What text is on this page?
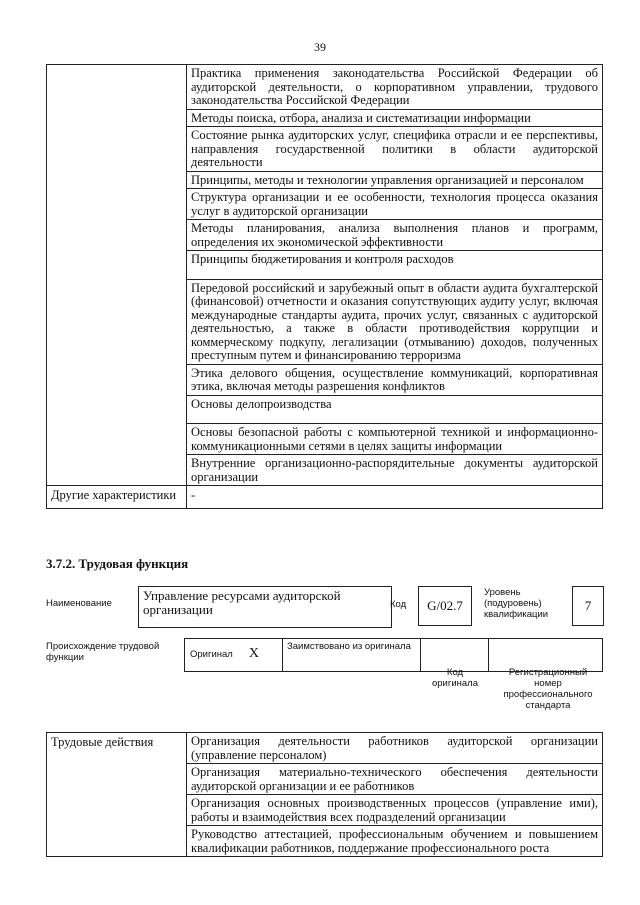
39
	Практика применения законодательства Российской Федерации об аудиторской деятельности, о корпоративном управлении, трудового законодательства Российской Федерации
	Методы поиска, отбора, анализа и систематизации информации
	Состояние рынка аудиторских услуг, специфика отрасли и ее перспективы, направления государственной политики в области аудиторской деятельности
	Принципы, методы и технологии управления организацией и персоналом
	Структура организации и ее особенности, технология процесса оказания услуг в аудиторской организации
	Методы планирования, анализа выполнения планов и программ, определения их экономической эффективности
	Принципы бюджетирования и контроля расходов
	Передовой российский и зарубежный опыт в области аудита бухгалтерской (финансовой) отчетности и оказания сопутствующих аудиту услуг, включая международные стандарты аудита, прочих услуг, связанных с аудиторской деятельностью, а также в области противодействия коррупции и коммерческому подкупу, легализации (отмыванию) доходов, полученных преступным путем и финансированию терроризма
	Этика делового общения, осуществление коммуникаций, корпоративная этика, включая методы разрешения конфликтов
	Основы делопроизводства
	Основы безопасной работы с компьютерной техникой и информационно-коммуникационными сетями в целях защиты информации
	Внутренние организационно-распорядительные документы аудиторской организации
Другие характеристики	-
3.7.2. Трудовая функция
Наименование
Управление ресурсами аудиторской организации	Код	G/02.7
Уровень (подуровень) квалификации
7
Происхождение трудовой функции	Оригинал X	Заимствовано из оригинала		
Код оригинала
Регистрационный номер профессионального стандарта
Трудовые действия	Организация деятельности работников аудиторской организации (управление персоналом)
Организация материально-технического обеспечения деятельности аудиторской организации и ее работников
Организация основных производственных процессов (управление ими), работы и взаимодействия всех подразделений организации
Руководство аттестацией, профессиональным обучением и повышением квалификации работников, поддержание профессионального роста
